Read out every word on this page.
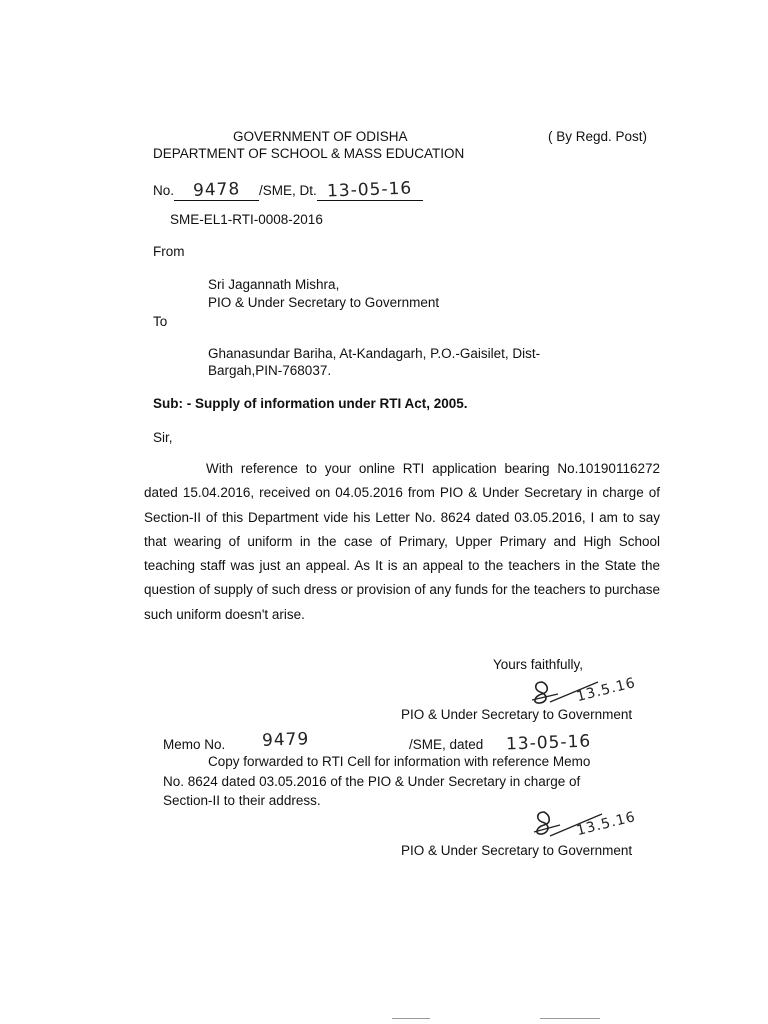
GOVERNMENT OF ODISHA
DEPARTMENT OF SCHOOL & MASS EDUCATION
( By Regd. Post)
No. 9478 /SME, Dt. 13-05-16
SME-EL1-RTI-0008-2016
From
Sri Jagannath Mishra,
PIO & Under Secretary to Government
To
Ghanasundar Bariha, At-Kandagarh, P.O.-Gaisilet, Dist-
Bargah,PIN-768037.
Sub: - Supply of information under RTI Act, 2005.
Sir,
With reference to your online RTI application bearing No.10190116272 dated 15.04.2016, received on 04.05.2016 from PIO & Under Secretary in charge of Section-II of this Department vide his Letter No. 8624 dated 03.05.2016, I am to say that wearing of uniform in the case of Primary, Upper Primary and High School teaching staff was just an appeal. As It is an appeal to the teachers in the State the question of supply of such dress or provision of any funds for the teachers to purchase such uniform doesn't arise.
Yours faithfully,
13.5.16
PIO & Under Secretary to Government
Memo No. 9479	/SME, dated 13-05-16
Copy forwarded to RTI Cell for information with reference Memo
No. 8624 dated 03.05.2016 of the PIO & Under Secretary in charge of
Section-II to their address.
13.5.16
PIO & Under Secretary to Government
